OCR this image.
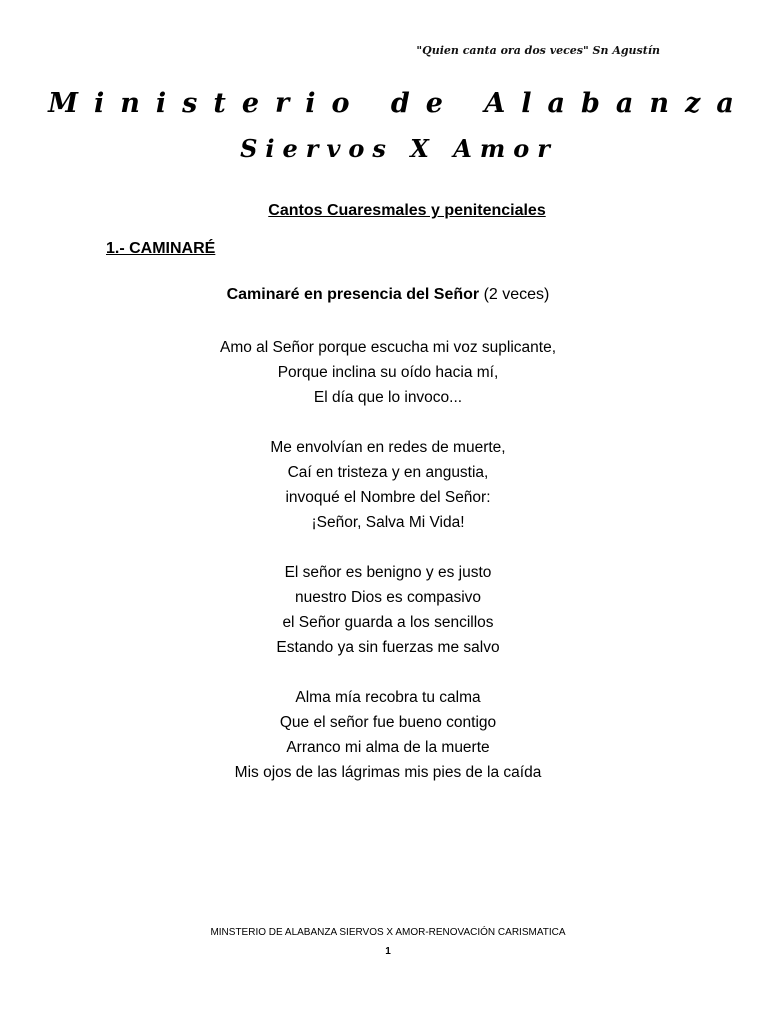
"Quien canta ora dos veces" Sn Agustín
Ministerio de Alabanza
Siervos X Amor
Cantos Cuaresmales y penitenciales
1.- CAMINARÉ
Caminaré en presencia del Señor (2 veces)
Amo al Señor porque escucha mi voz suplicante,
Porque inclina su oído hacia mí,
El día que lo invoco...
Me envolvían en redes de muerte,
Caí en tristeza y en angustia,
invoqué el Nombre del Señor:
¡Señor, Salva Mi Vida!
El señor es benigno y es justo
nuestro Dios es compasivo
el Señor guarda a los sencillos
Estando ya sin fuerzas me salvo
Alma mía recobra tu calma
Que el señor fue bueno contigo
Arranco mi alma de la muerte
Mis ojos de las lágrimas mis pies de la caída
MINSTERIO DE ALABANZA SIERVOS X AMOR-RENOVACIÓN CARISMATICA
1
